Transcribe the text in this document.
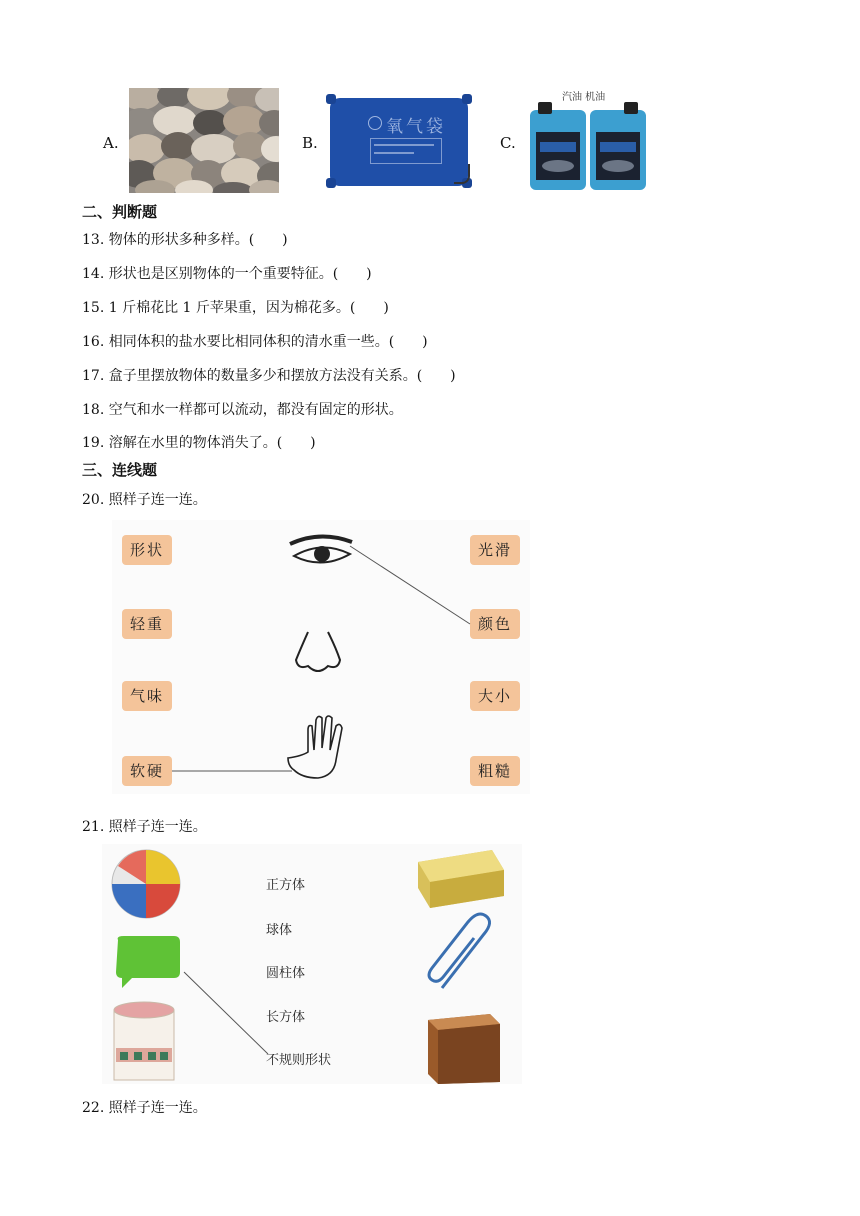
A.	B.
氧气袋
C.
汽油 机油
二、判断题
13. 物体的形状多种多样。(　　)
14. 形状也是区别物体的一个重要特征。(　　)
15. 1 斤棉花比 1 斤苹果重，因为棉花多。(　　)
16. 相同体积的盐水要比相同体积的清水重一些。(　　)
17. 盒子里摆放物体的数量多少和摆放方法没有关系。(　　)
18. 空气和水一样都可以流动，都没有固定的形状。
19. 溶解在水里的物体消失了。(　　)
三、连线题
20. 照样子连一连。
形状
轻重
气味
软硬
光滑
颜色
大小
粗糙
21. 照样子连一连。
正方体
球体
圆柱体
长方体
不规则形状
22. 照样子连一连。
